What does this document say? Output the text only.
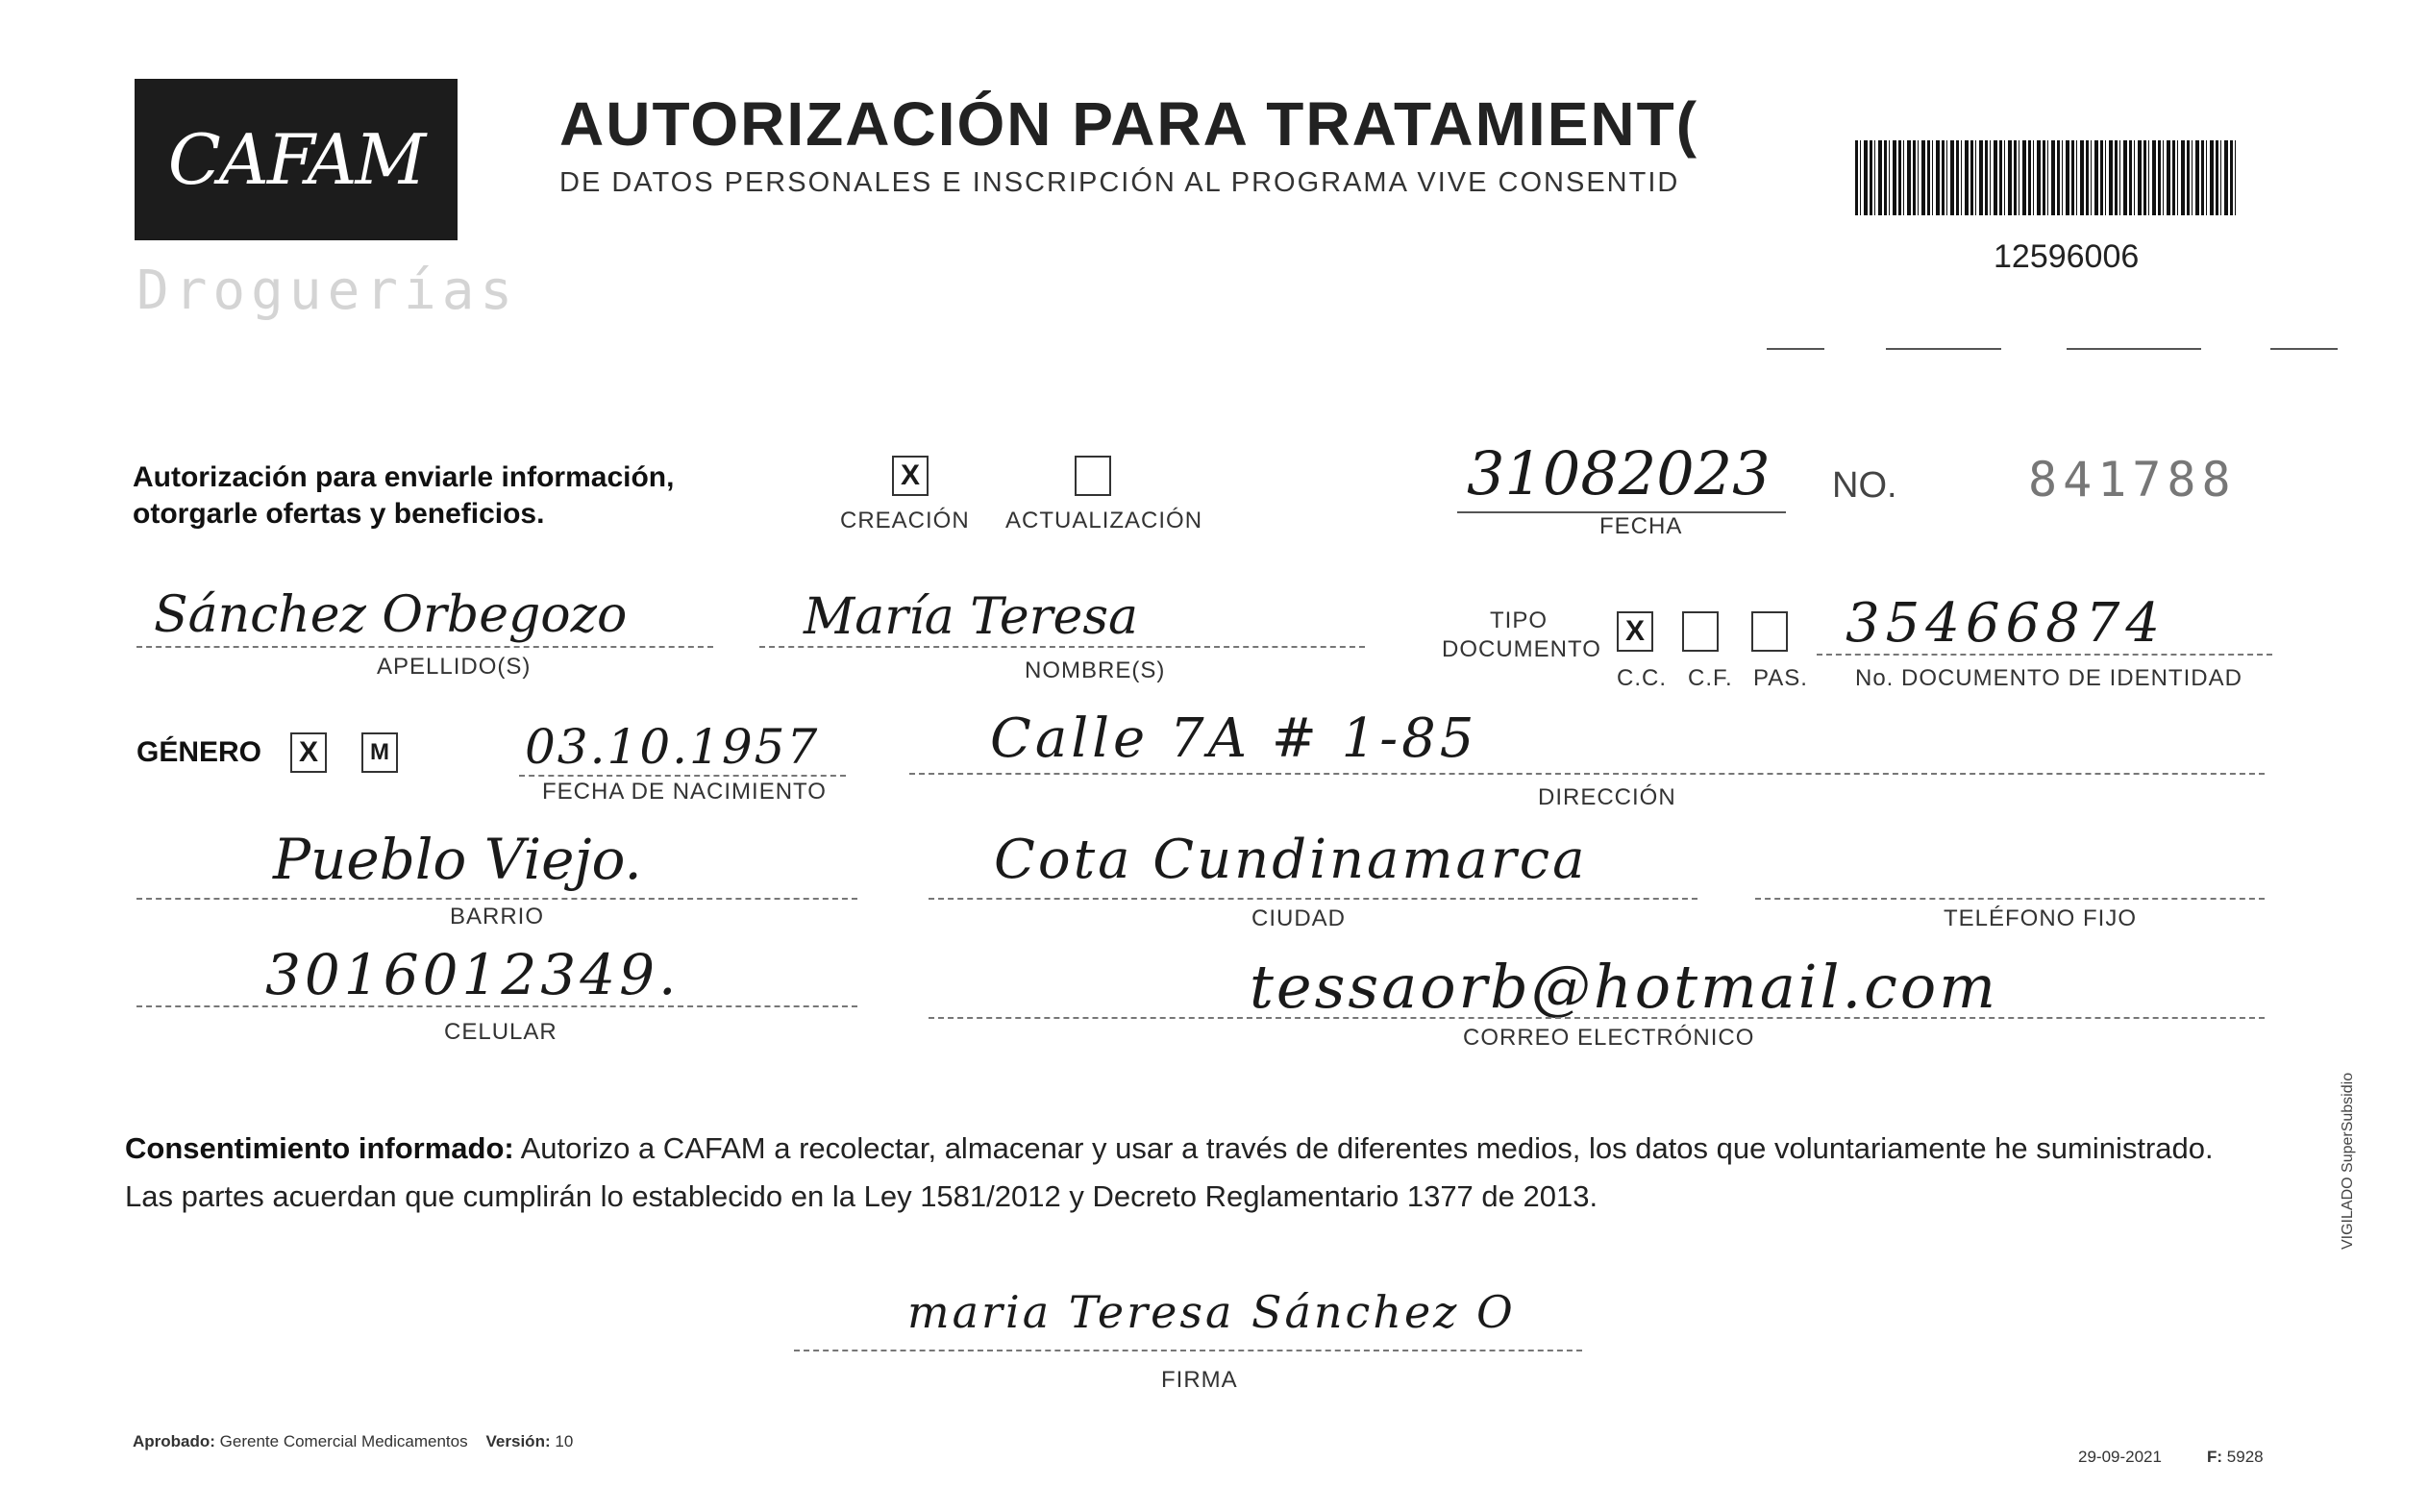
CAFAM
Droguerías
AUTORIZACIÓN PARA TRATAMIENT(
DE DATOS PERSONALES E INSCRIPCIÓN AL PROGRAMA VIVE CONSENTID
12596006
Autorización para enviarle información,
otorgarle ofertas y beneficios.
X
CREACIÓN ACTUALIZACIÓN
31082023
FECHA
NO.	841788
Sánchez Orbegozo
APELLIDO(S)
María Teresa
NOMBRE(S)
TIPO
DOCUMENTO
X
C.C. C.F. PAS.
35466874
No. DOCUMENTO DE IDENTIDAD
GÉNERO X	M	03.10.1957
FECHA DE NACIMIENTO
Calle 7A # 1-85
DIRECCIÓN
Pueblo Viejo.
BARRIO
Cota Cundinamarca
CIUDAD	TELÉFONO FIJO
3016012349.
CELULAR
tessaorb@hotmail.com
CORREO ELECTRÓNICO
Consentimiento informado: Autorizo a CAFAM a recolectar, almacenar y usar a través de diferentes medios, los datos que voluntariamente he suministrado.
Las partes acuerdan que cumplirán lo establecido en la Ley 1581/2012 y Decreto Reglamentario 1377 de 2013.
maria Teresa Sánchez O
FIRMA
Aprobado: Gerente Comercial Medicamentos Versión: 10
29-09-2021	F: 5928
VIGILADO SuperSubsidio
